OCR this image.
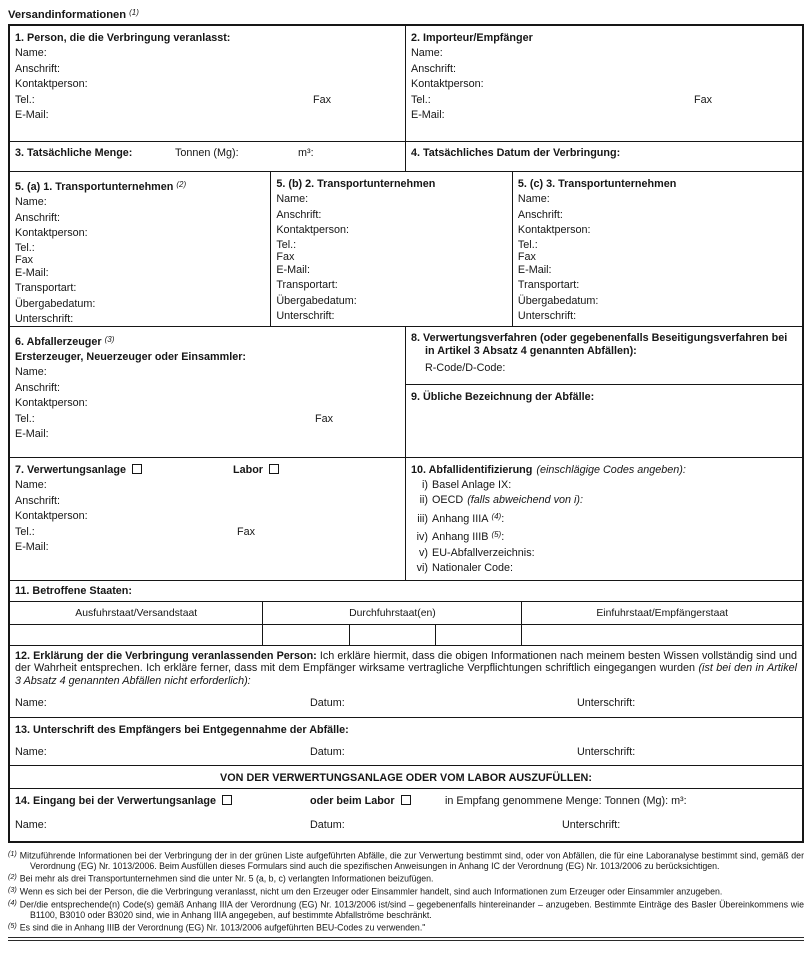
Versandinformationen $^{(1)}$
1. Person, die die Verbringung veranlasst:
Name:
Anschrift:
Kontaktperson:
Tel.:	Fax
E-Mail:
2. Importeur/Empfänger
Name:
Anschrift:
Kontaktperson:
Tel.:	Fax
E-Mail:
3. Tatsächliche Menge:	Tonnen (Mg):	m³:	4. Tatsächliches Datum der Verbringung:
5. (a) 1. Transportunternehmen $^{(2)}$
Name:
Anschrift:
Kontaktperson:
Tel.:
Fax
E-Mail:
Transportart:
Übergabedatum:
Unterschrift:
5. (b) 2. Transportunternehmen
Name:
Anschrift:
Kontaktperson:
Tel.:
Fax
E-Mail:
Transportart:
Übergabedatum:
Unterschrift:
5. (c) 3. Transportunternehmen
Name:
Anschrift:
Kontaktperson:
Tel.:
Fax
E-Mail:
Transportart:
Übergabedatum:
Unterschrift:
6. Abfallerzeuger $^{(3)}$
Ersterzeuger, Neuerzeuger oder Einsammler:
Name:
Anschrift:
Kontaktperson:
Tel.:	Fax
E-Mail:
8. Verwertungsverfahren (oder gegebenenfalls Beseitigungsverfahren bei in Artikel 3 Absatz 4 genannten Abfällen):
R-Code/D-Code:
9. Übliche Bezeichnung der Abfälle:
7. Verwertungsanlage	Labor
Name:
Anschrift:
Kontaktperson:
Tel.:	Fax
E-Mail:
10. Abfallidentifizierung (einschlägige Codes angeben):
i) Basel Anlage IX:
ii) OECD (falls abweichend von i):
iii) Anhang IIIA $^{(4)}$:
iv) Anhang IIIB $^{(5)}$:
v) EU-Abfallverzeichnis:
vi) Nationaler Code:
11. Betroffene Staaten:
Ausfuhrstaat/Versandstaat	Durchfuhrstaat(en)	Einfuhrstaat/Empfängerstaat
12. Erklärung der die Verbringung veranlassenden Person: Ich erkläre hiermit, dass die obigen Informationen nach meinem besten Wissen vollständig sind und der Wahrheit entsprechen. Ich erkläre ferner, dass mit dem Empfänger wirksame vertragliche Verpflichtungen schriftlich eingegangen wurden (ist bei den in Artikel 3 Absatz 4 genannten Abfällen nicht erforderlich):
Name:	Datum:	Unterschrift:
13. Unterschrift des Empfängers bei Entgegennahme der Abfälle:
Name:	Datum:	Unterschrift:
VON DER VERWERTUNGSANLAGE ODER VOM LABOR AUSZUFÜLLEN:
14. Eingang bei der Verwertungsanlage	oder beim Labor	in Empfang genommene Menge: Tonnen (Mg): m³:
Name:	Datum:	Unterschrift:
$^{(1)}$ Mitzuführende Informationen bei der Verbringung der in der grünen Liste aufgeführten Abfälle, die zur Verwertung bestimmt sind, oder von Abfällen, die für eine Laboranalyse bestimmt sind, gemäß der Verordnung (EG) Nr. 1013/2006. Beim Ausfüllen dieses Formulars sind auch die spezifischen Anweisungen in Anhang IC der Verordnung (EG) Nr. 1013/2006 zu berücksichtigen.
$^{(2)}$ Bei mehr als drei Transportunternehmen sind die unter Nr. 5 (a, b, c) verlangten Informationen beizufügen.
$^{(3)}$ Wenn es sich bei der Person, die die Verbringung veranlasst, nicht um den Erzeuger oder Einsammler handelt, sind auch Informationen zum Erzeuger oder Einsammler anzugeben.
$^{(4)}$ Der/die entsprechende(n) Code(s) gemäß Anhang IIIA der Verordnung (EG) Nr. 1013/2006 ist/sind – gegebenenfalls hintereinander – anzugeben. Bestimmte Einträge des Basler Übereinkommens wie B1100, B3010 oder B3020 sind, wie in Anhang IIIA angegeben, auf bestimmte Abfallströme beschränkt.
$^{(5)}$ Es sind die in Anhang IIIB der Verordnung (EG) Nr. 1013/2006 aufgeführten BEU-Codes zu verwenden."
